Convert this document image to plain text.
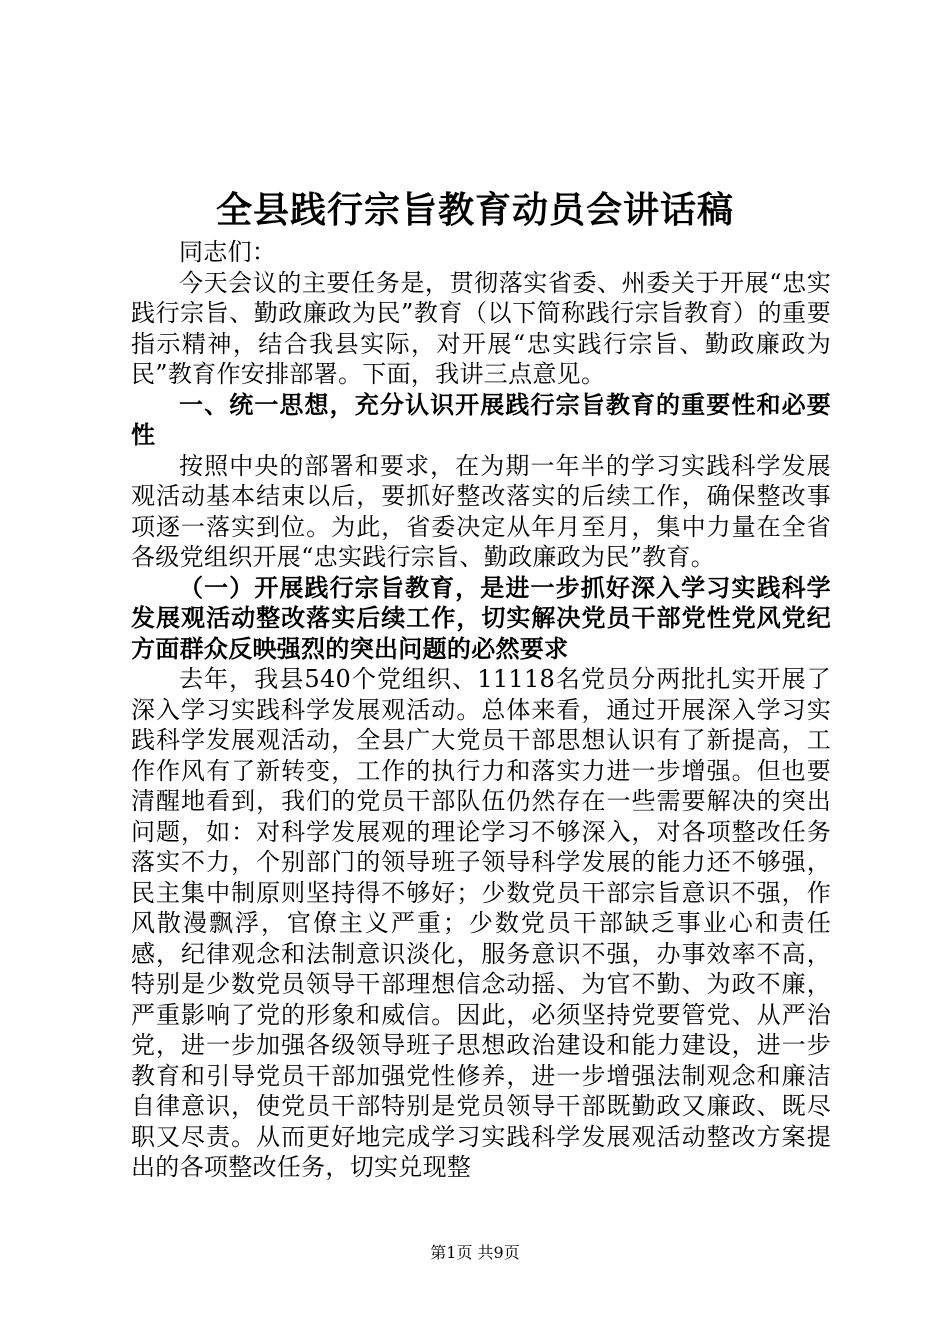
全县践行宗旨教育动员会讲话稿

同志们：

今天会议的主要任务是，贯彻落实省委、州委关于开展“忠实践行宗旨、勤政廉政为民”教育（以下简称践行宗旨教育）的重要指示精神，结合我县实际，对开展“忠实践行宗旨、勤政廉政为民”教育作安排部署。下面，我讲三点意见。

一、统一思想，充分认识开展践行宗旨教育的重要性和必要性

按照中央的部署和要求，在为期一年半的学习实践科学发展观活动基本结束以后，要抓好整改落实的后续工作，确保整改事项逐一落实到位。为此，省委决定从年月至月，集中力量在全省各级党组织开展“忠实践行宗旨、勤政廉政为民”教育。

（一）开展践行宗旨教育，是进一步抓好深入学习实践科学发展观活动整改落实后续工作，切实解决党员干部党性党风党纪方面群众反映强烈的突出问题的必然要求

去年，我县540个党组织、11118名党员分两批扎实开展了深入学习实践科学发展观活动。总体来看，通过开展深入学习实践科学发展观活动，全县广大党员干部思想认识有了新提高，工作作风有了新转变，工作的执行力和落实力进一步增强。但也要清醒地看到，我们的党员干部队伍仍然存在一些需要解决的突出问题，如：对科学发展观的理论学习不够深入，对各项整改任务落实不力，个别部门的领导班子领导科学发展的能力还不够强，民主集中制原则坚持得不够好；少数党员干部宗旨意识不强，作风散漫飘浮，官僚主义严重；少数党员干部缺乏事业心和责任感，纪律观念和法制意识淡化，服务意识不强，办事效率不高，特别是少数党员领导干部理想信念动摇、为官不勤、为政不廉，严重影响了党的形象和威信。因此，必须坚持党要管党、从严治党，进一步加强各级领导班子思想政治建设和能力建设，进一步教育和引导党员干部加强党性修养，进一步增强法制观念和廉洁自律意识，使党员干部特别是党员领导干部既勤政又廉政、既尽职又尽责。从而更好地完成学习实践科学发展观活动整改方案提出的各项整改任务，切实兑现整

第1页 共9页
